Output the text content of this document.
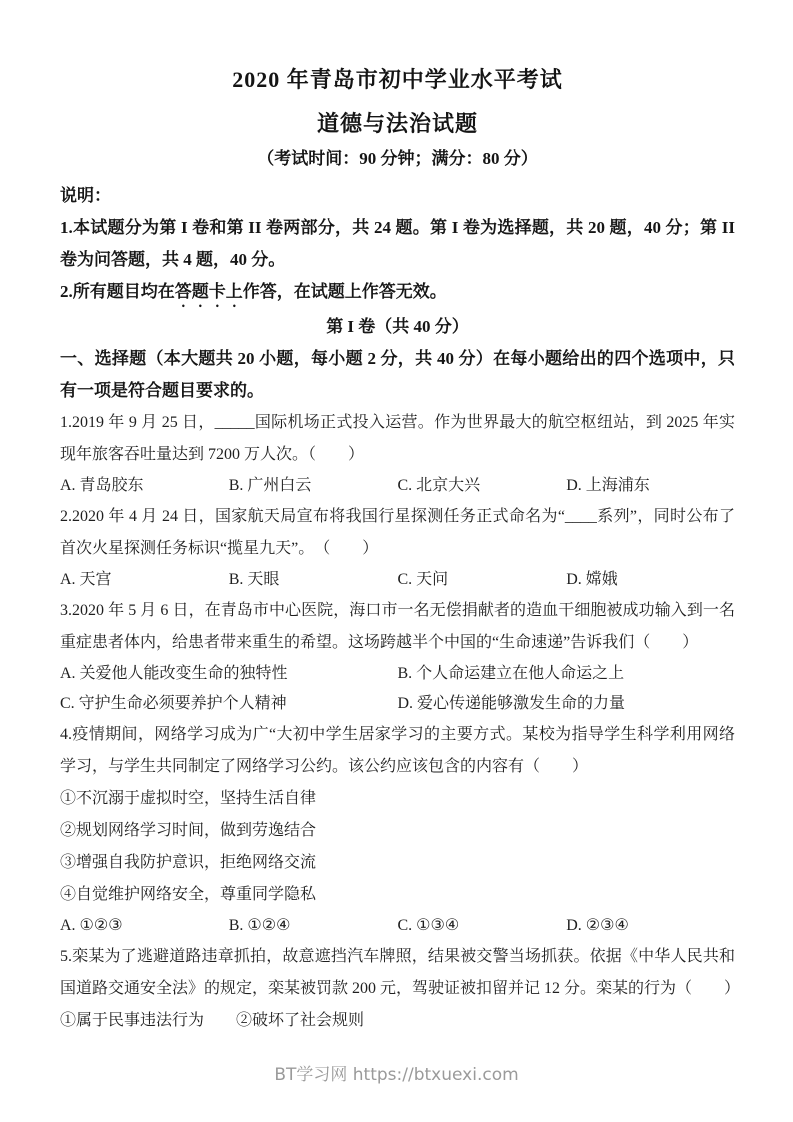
2020 年青岛市初中学业水平考试
道德与法治试题
（考试时间：90 分钟；满分：80 分）
说明：
1.本试题分为第 I 卷和第 II 卷两部分，共 24 题。第 I 卷为选择题，共 20 题，40 分；第 II 卷为问答题，共 4 题，40 分。
2.所有题目均在答题卡上作答，在试题上作答无效。
第 I 卷（共 40 分）
一、选择题（本大题共 20 小题，每小题 2 分，共 40 分）在每小题给出的四个选项中，只有一项是符合题目要求的。
1.2019 年 9 月 25 日，_____国际机场正式投入运营。作为世界最大的航空枢纽站，到 2025 年实现年旅客吞吐量达到 7200 万人次。（　　）
A. 青岛胶东	B. 广州白云	C. 北京大兴	D. 上海浦东
2.2020 年 4 月 24 日，国家航天局宣布将我国行星探测任务正式命名为“____系列”，同时公布了首次火星探测任务标识“揽星九天”。　（　　）
A. 天宫	B. 天眼	C. 天问	D. 嫦娥
3.2020 年 5 月 6 日，在青岛市中心医院，海口市一名无偿捐献者的造血干细胞被成功输入到一名重症患者体内，给患者带来重生的希望。这场跨越半个中国的“生命速递”告诉我们（　　）
A. 关爱他人能改变生命的独特性	B. 个人命运建立在他人命运之上
C. 守护生命必须要养护个人精神	D. 爱心传递能够激发生命的力量
4.疫情期间，网络学习成为广“大初中学生居家学习的主要方式。某校为指导学生科学利用网络学习，与学生共同制定了网络学习公约。该公约应该包含的内容有（　　）
①不沉溺于虚拟时空，坚持生活自律
②规划网络学习时间，做到劳逸结合
③增强自我防护意识，拒绝网络交流
④自觉维护网络安全，尊重同学隐私
A. ①②③	B. ①②④	C. ①③④	D. ②③④
5.栾某为了逃避道路违章抓拍，故意遮挡汽车牌照，结果被交警当场抓获。依据《中华人民共和国道路交通安全法》的规定，栾某被罚款 200 元，驾驶证被扣留并记 12 分。栾某的行为（　　）
①属于民事违法行为　　②破坏了社会规则
BT学习网 https://btxuexi.com
